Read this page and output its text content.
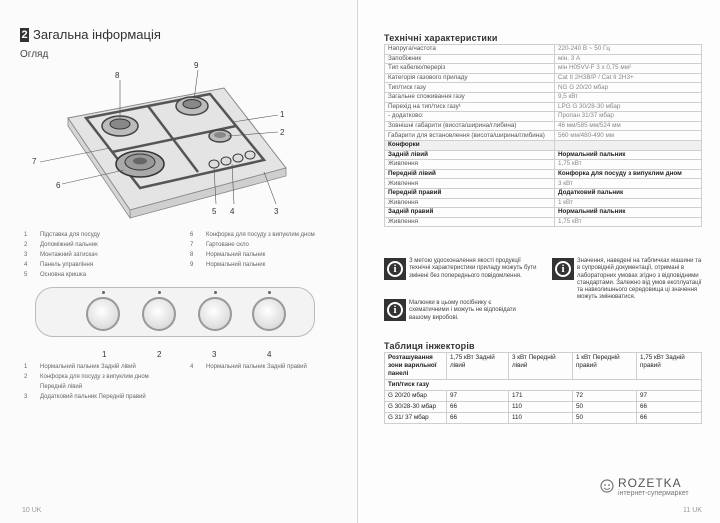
2 Загальна інформація
Огляд
8
9
1
2
7
6
5 4	3
1	Підставка для посуду
2	Допоміжний пальник
3	Монтажний затискач
4	Панель управління
5	Основна кришка
6	Конфорка для посуду з випуклим дном
7	Гартоване скло
8	Нормальний пальник
9	Нормальний пальник
1	2	3	4
1	Нормальний пальник Задній лівий
2	Конфорка для посуду з випуклим дном Передній лівий
3	Додатковий пальник Передній правий
4	Нормальний пальник Задній правий
10 UK
Технічні характеристики
Напруга/частота	220-240 В ~ 50 Гц
Запобіжник	мін. 3 А
Тип кабелю/переріз	мін H05VV-F 3 x 0,75 мм²
Категорія газового приладу	Cat II 2H3B/P / Cat II 2H3+
Тип/тиск газу	NG G 20/20 мбар
Загальне споживання газу	9,5 кВт
Перехід на тип/тиск газу¹	LPG G 30/28-30 мбар
- додатково:	Пропан 31/37 мбар
Зовнішні габарити (висота/ширина/глибина)	46 мм/585 мм/524 мм
Габарити для встановлення (висота/ширина/глибина)	560 мм/480-490 мм
Конфорки	
Задній лівий	Нормальний пальник
Живлення	1,75 кВт
Передній лівий	Конфорка для посуду з випуклим дном
Живлення	3 кВт
Передній правий	Додатковий пальник
Живлення	1 кВт
Задній правий	Нормальний пальник
Живлення	1,75 кВт
i
З метою удосконалення якості продукції технічні характеристики приладу можуть бути змінені без попереднього повідомлення.
i
Малюнки в цьому посібнику є схематичними і можуть не відповідати вашому виробові.
i
Значення, наведені на табличках машини та в супровідній документації, отримані в лабораторних умовах згідно з відповідними стандартами. Залежно від умов експлуатації та навколишнього середовища ці значення можуть змінюватися.
Таблиця інжекторів
Розташування зони варильної панелі	1,75 кВт Задній лівий	3 кВт Передній лівий	1 кВт Передній правий	1,75 кВт Задній правий
Тип/тиск газу				
G 20/20 мбар	97	171	72	97
G 30/28-30 мбар	66	110	50	66
G 31/ 37 мбар	66	110	50	66
11 UK
ROZETKA
інтернет-супермаркет
